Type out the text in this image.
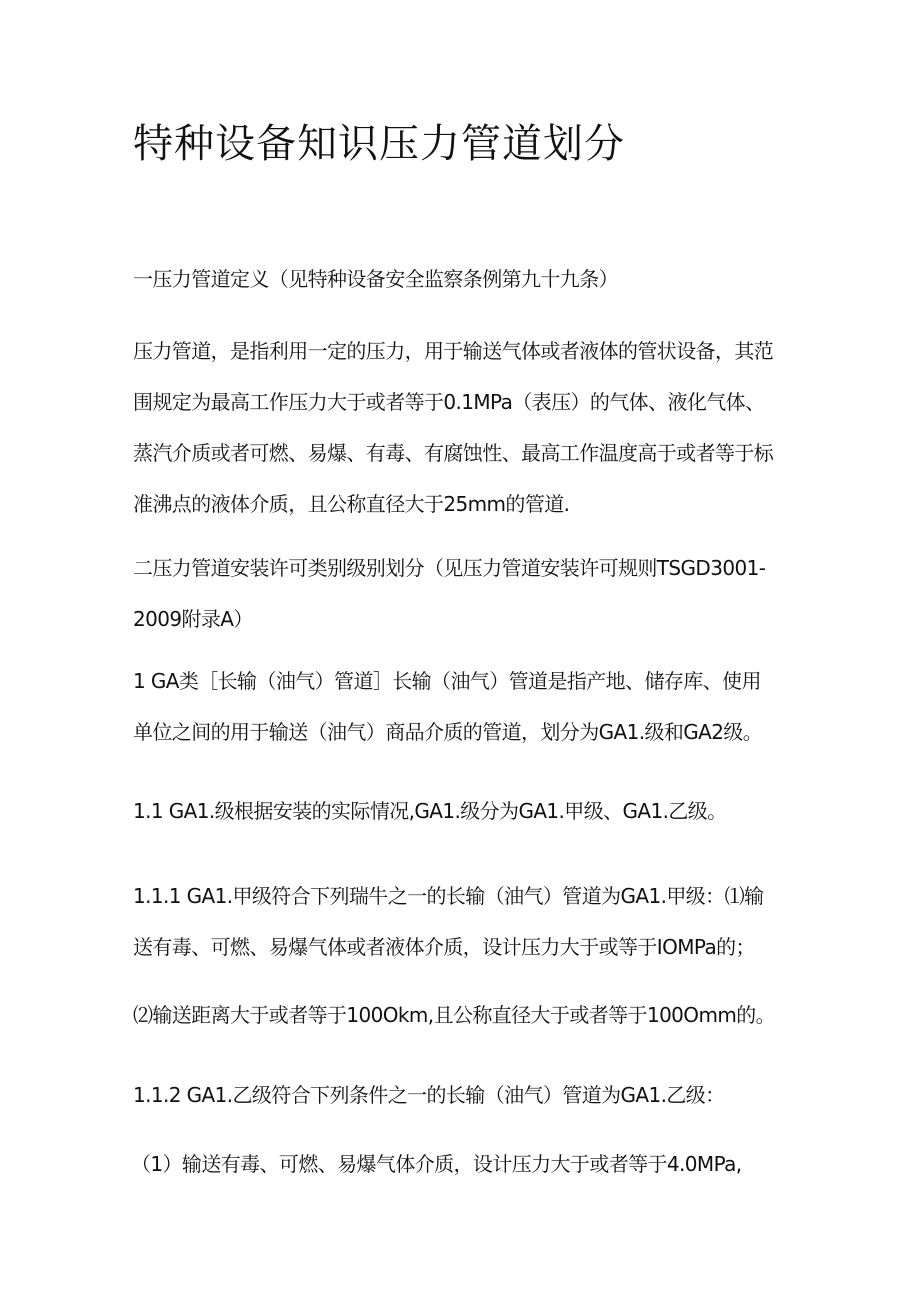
特种设备知识压力管道划分

一压力管道定义（见特种设备安全监察条例第九十九条）

压力管道，是指利用一定的压力，用于输送气体或者液体的管状设备，其范
围规定为最高工作压力大于或者等于0.1MPa（表压）的气体、液化气体、
蒸汽介质或者可燃、易爆、有毒、有腐蚀性、最高工作温度高于或者等于标
准沸点的液体介质，且公称直径大于25mm的管道.

二压力管道安装许可类别级别划分（见压力管道安装许可规则TSGD3001-
2009附录A）

1 GA类［长输（油气）管道］长输（油气）管道是指产地、储存库、使用
单位之间的用于输送（油气）商品介质的管道，划分为GA1.级和GA2级。

1.1 GA1.级根据安装的实际情况,GA1.级分为GA1.甲级、GA1.乙级。

1.1.1 GA1.甲级符合下列瑞牛之一的长输（油气）管道为GA1.甲级：⑴输
送有毒、可燃、易爆气体或者液体介质，设计压力大于或等于IOMPa的；

⑵输送距离大于或者等于100Okm,且公称直径大于或者等于100Omm的。

1.1.2 GA1.乙级符合下列条件之一的长输（油气）管道为GA1.乙级：

（1）输送有毒、可燃、易爆气体介质，设计压力大于或者等于4.0MPa,
